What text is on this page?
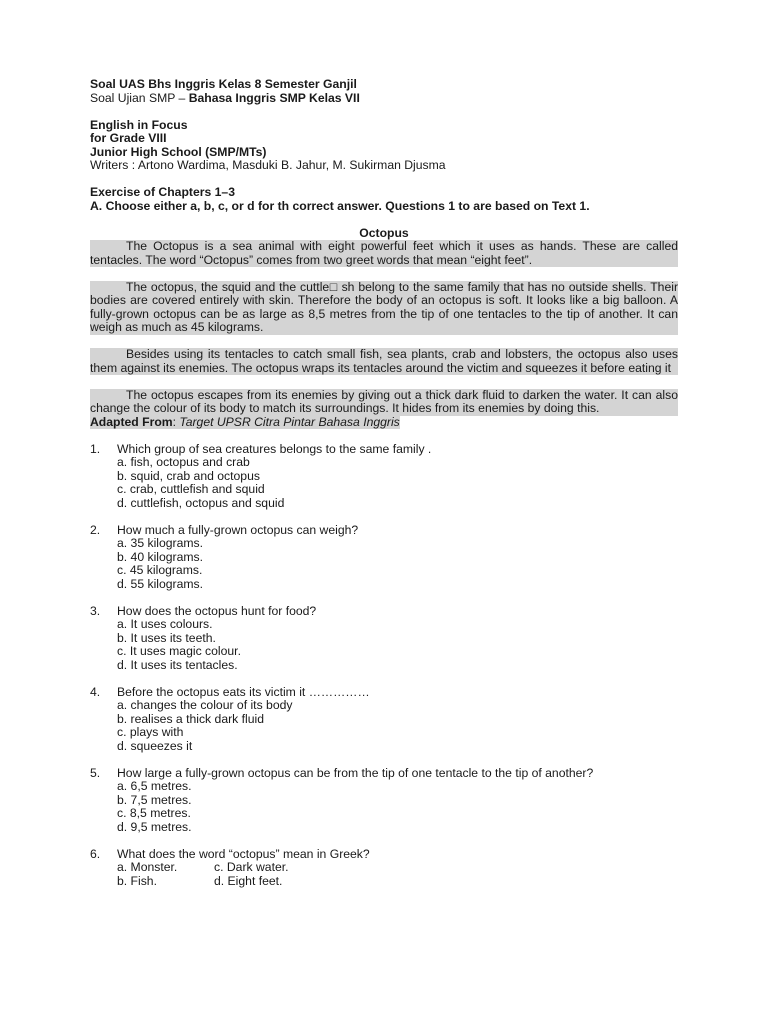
Soal UAS Bhs Inggris Kelas 8 Semester Ganjil
Soal Ujian SMP – Bahasa Inggris SMP Kelas VII
English in Focus
for Grade VIII
Junior High School (SMP/MTs)
Writers : Artono Wardima, Masduki B. Jahur, M. Sukirman Djusma
Exercise of Chapters 1–3
A. Choose either a, b, c, or d for th correct answer. Questions 1 to are based on Text 1.
Octopus

The Octopus is a sea animal with eight powerful feet which it uses as hands. These are called tentacles. The word “Octopus” comes from two greet words that mean “eight feet”.

The octopus, the squid and the cuttle□ sh belong to the same family that has no outside shells. Their bodies are covered entirely with skin. Therefore the body of an octopus is soft. It looks like a big balloon. A fully-grown octopus can be as large as 8,5 metres from the tip of one tentacles to the tip of another. It can weigh as much as 45 kilograms.

Besides using its tentacles to catch small fish, sea plants, crab and lobsters, the octopus also uses them against its enemies. The octopus wraps its tentacles around the victim and squeezes it before eating it

The octopus escapes from its enemies by giving out a thick dark fluid to darken the water. It can also change the colour of its body to match its surroundings. It hides from its enemies by doing this.

Adapted From: Target UPSR Citra Pintar Bahasa Inggris
1. Which group of sea creatures belongs to the same family .
a. fish, octopus and crab
b. squid, crab and octopus
c. crab, cuttlefish and squid
d. cuttlefish, octopus and squid
2. How much a fully-grown octopus can weigh?
a. 35 kilograms.
b. 40 kilograms.
c. 45 kilograms.
d. 55 kilograms.
3. How does the octopus hunt for food?
a. It uses colours.
b. It uses its teeth.
c. It uses magic colour.
d. It uses its tentacles.
4. Before the octopus eats its victim it ……………
a. changes the colour of its body
b. realises a thick dark fluid
c. plays with
d. squeezes it
5. How large a fully-grown octopus can be from the tip of one tentacle to the tip of another?
a. 6,5 metres.
b. 7,5 metres.
c. 8,5 metres.
d. 9,5 metres.
6. What does the word “octopus” mean in Greek?
a. Monster.	c. Dark water.
b. Fish.	d. Eight feet.
